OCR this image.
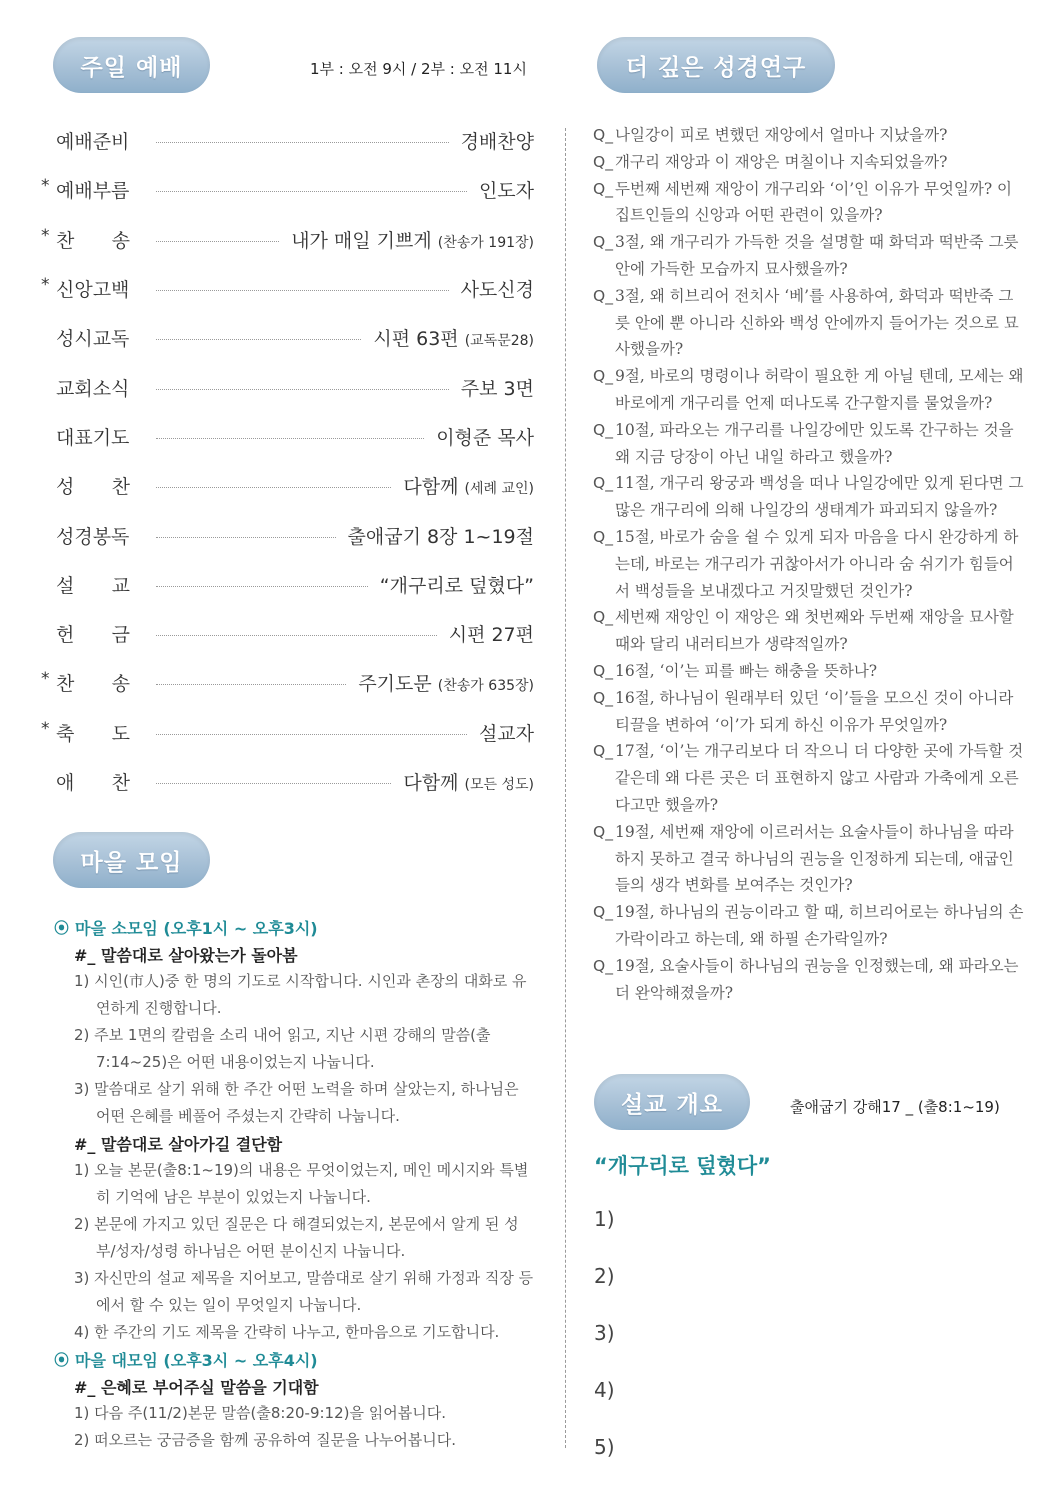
주일 예배	1부 : 오전 9시 / 2부 : 오전 11시
예배준비	경배찬양
* 예배부름	인도자
* 찬 송	내가 매일 기쁘게 (찬송가 191장)
* 신앙고백	사도신경
성시교독	시편 63편 (교독문28)
교회소식	주보 3면
대표기도	이형준 목사
성 찬	다함께 (세례 교인)
성경봉독	출애굽기 8장 1~19절
설 교	“개구리로 덮혔다”
헌 금	시편 27편
* 찬 송	주기도문 (찬송가 635장)
* 축 도	설교자
애 찬	다함께 (모든 성도)
마을 모임
⦿ 마을 소모임 (오후1시 ~ 오후3시)
#_ 말씀대로 살아왔는가 돌아봄
1) 시인(市人)중 한 명의 기도로 시작합니다. 시인과 촌장의 대화로 유연하게 진행합니다.
2) 주보 1면의 칼럼을 소리 내어 읽고, 지난 시편 강해의 말씀(출7:14~25)은 어떤 내용이었는지 나눕니다.
3) 말씀대로 살기 위해 한 주간 어떤 노력을 하며 살았는지, 하나님은 어떤 은혜를 베풀어 주셨는지 간략히 나눕니다.
#_ 말씀대로 살아가길 결단함
1) 오늘 본문(출8:1~19)의 내용은 무엇이었는지, 메인 메시지와 특별히 기억에 남은 부분이 있었는지 나눕니다.
2) 본문에 가지고 있던 질문은 다 해결되었는지, 본문에서 알게 된 성부/성자/성령 하나님은 어떤 분이신지 나눕니다.
3) 자신만의 설교 제목을 지어보고, 말씀대로 살기 위해 가정과 직장 등에서 할 수 있는 일이 무엇일지 나눕니다.
4) 한 주간의 기도 제목을 간략히 나누고, 한마음으로 기도합니다.
⦿ 마을 대모임 (오후3시 ~ 오후4시)
#_ 은혜로 부어주실 말씀을 기대함
1) 다음 주(11/2)본문 말씀(출8:20-9:12)을 읽어봅니다.
2) 떠오르는 궁금증을 함께 공유하여 질문을 나누어봅니다.
더 깊은 성경연구
Q_ 나일강이 피로 변했던 재앙에서 얼마나 지났을까?
Q_ 개구리 재앙과 이 재앙은 며칠이나 지속되었을까?
Q_ 두번째 세번째 재앙이 개구리와 ‘이’인 이유가 무엇일까? 이집트인들의 신앙과 어떤 관련이 있을까?
Q_ 3절, 왜 개구리가 가득한 것을 설명할 때 화덕과 떡반죽 그릇 안에 가득한 모습까지 묘사했을까?
Q_ 3절, 왜 히브리어 전치사 ‘베’를 사용하여, 화덕과 떡반죽 그릇 안에 뿐 아니라 신하와 백성 안에까지 들어가는 것으로 묘사했을까?
Q_ 9절, 바로의 명령이나 허락이 필요한 게 아닐 텐데, 모세는 왜 바로에게 개구리를 언제 떠나도록 간구할지를 물었을까?
Q_ 10절, 파라오는 개구리를 나일강에만 있도록 간구하는 것을 왜 지금 당장이 아닌 내일 하라고 했을까?
Q_ 11절, 개구리 왕궁과 백성을 떠나 나일강에만 있게 된다면 그 많은 개구리에 의해 나일강의 생태계가 파괴되지 않을까?
Q_ 15절, 바로가 숨을 쉴 수 있게 되자 마음을 다시 완강하게 하는데, 바로는 개구리가 귀찮아서가 아니라 숨 쉬기가 힘들어서 백성들을 보내겠다고 거짓말했던 것인가?
Q_ 세번째 재앙인 이 재앙은 왜 첫번째와 두번째 재앙을 묘사할 때와 달리 내러티브가 생략적일까?
Q_ 16절, ‘이’는 피를 빠는 해충을 뜻하나?
Q_ 16절, 하나님이 원래부터 있던 ‘이’들을 모으신 것이 아니라 티끌을 변하여 ‘이’가 되게 하신 이유가 무엇일까?
Q_ 17절, ‘이’는 개구리보다 더 작으니 더 다양한 곳에 가득할 것 같은데 왜 다른 곳은 더 표현하지 않고 사람과 가축에게 오른다고만 했을까?
Q_ 19절, 세번째 재앙에 이르러서는 요술사들이 하나님을 따라 하지 못하고 결국 하나님의 권능을 인정하게 되는데, 애굽인들의 생각 변화를 보여주는 것인가?
Q_ 19절, 하나님의 권능이라고 할 때, 히브리어로는 하나님의 손가락이라고 하는데, 왜 하필 손가락일까?
Q_ 19절, 요술사들이 하나님의 권능을 인정했는데, 왜 파라오는 더 완악해졌을까?
설교 개요	출애굽기 강해17 _ (출8:1~19)
“개구리로 덮혔다”
1)
2)
3)
4)
5)
